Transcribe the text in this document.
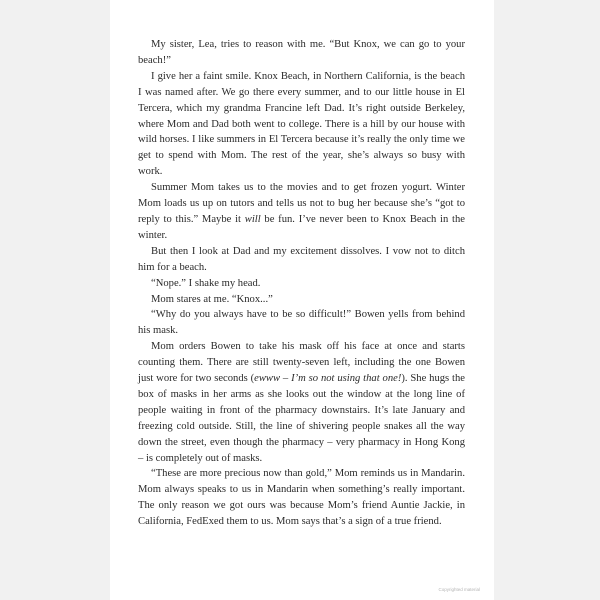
My sister, Lea, tries to reason with me. “But Knox, we can go to your beach!”

I give her a faint smile. Knox Beach, in Northern California, is the beach I was named after. We go there every summer, and to our little house in El Tercera, which my grandma Francine left Dad. It’s right outside Berkeley, where Mom and Dad both went to college. There is a hill by our house with wild horses. I like summers in El Tercera because it’s really the only time we get to spend with Mom. The rest of the year, she’s always so busy with work.

Summer Mom takes us to the movies and to get frozen yogurt. Winter Mom loads us up on tutors and tells us not to bug her because she’s “got to reply to this.” Maybe it will be fun. I’ve never been to Knox Beach in the winter.

But then I look at Dad and my excitement dissolves. I vow not to ditch him for a beach.

“Nope.” I shake my head.

Mom stares at me. “Knox...”

“Why do you always have to be so difficult!” Bowen yells from behind his mask.

Mom orders Bowen to take his mask off his face at once and starts counting them. There are still twenty-seven left, including the one Bowen just wore for two seconds (ewww – I’m so not using that one!). She hugs the box of masks in her arms as she looks out the window at the long line of people waiting in front of the pharmacy downstairs. It’s late January and freezing cold outside. Still, the line of shivering people snakes all the way down the street, even though the pharmacy – very pharmacy in Hong Kong – is completely out of masks.

“These are more precious now than gold,” Mom reminds us in Mandarin. Mom always speaks to us in Mandarin when something’s really important. The only reason we got ours was because Mom’s friend Auntie Jackie, in California, FedExed them to us. Mom says that’s a sign of a true friend.

Copyrighted material
